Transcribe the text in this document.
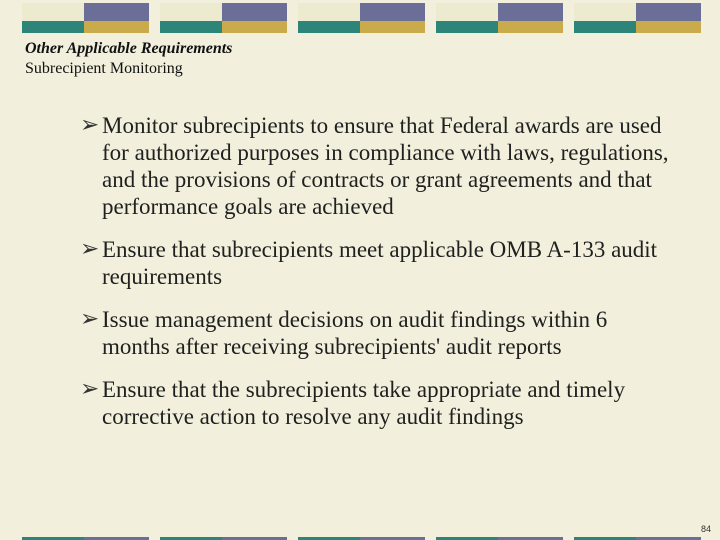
Other Applicable Requirements
Subrecipient Monitoring
➢ Monitor subrecipients to ensure that Federal awards are used for authorized purposes in compliance with laws, regulations, and the provisions of contracts or grant agreements and that performance goals are achieved
➢ Ensure that subrecipients meet applicable OMB A-133 audit requirements
➢ Issue management decisions on audit findings within 6 months after receiving subrecipients' audit reports
➢ Ensure that the subrecipients take appropriate and timely corrective action to resolve any audit findings
84
